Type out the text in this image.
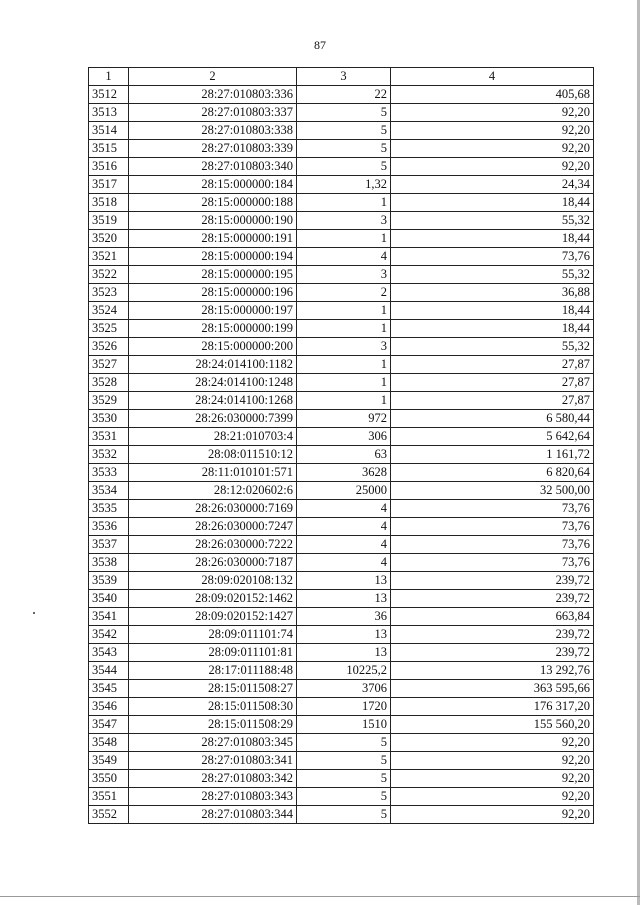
87
1	2	3	4
3512	28:27:010803:336	22	405,68
3513	28:27:010803:337	5	92,20
3514	28:27:010803:338	5	92,20
3515	28:27:010803:339	5	92,20
3516	28:27:010803:340	5	92,20
3517	28:15:000000:184	1,32	24,34
3518	28:15:000000:188	1	18,44
3519	28:15:000000:190	3	55,32
3520	28:15:000000:191	1	18,44
3521	28:15:000000:194	4	73,76
3522	28:15:000000:195	3	55,32
3523	28:15:000000:196	2	36,88
3524	28:15:000000:197	1	18,44
3525	28:15:000000:199	1	18,44
3526	28:15:000000:200	3	55,32
3527	28:24:014100:1182	1	27,87
3528	28:24:014100:1248	1	27,87
3529	28:24:014100:1268	1	27,87
3530	28:26:030000:7399	972	6 580,44
3531	28:21:010703:4	306	5 642,64
3532	28:08:011510:12	63	1 161,72
3533	28:11:010101:571	3628	6 820,64
3534	28:12:020602:6	25000	32 500,00
3535	28:26:030000:7169	4	73,76
3536	28:26:030000:7247	4	73,76
3537	28:26:030000:7222	4	73,76
3538	28:26:030000:7187	4	73,76
3539	28:09:020108:132	13	239,72
3540	28:09:020152:1462	13	239,72
3541	28:09:020152:1427	36	663,84
3542	28:09:011101:74	13	239,72
3543	28:09:011101:81	13	239,72
3544	28:17:011188:48	10225,2	13 292,76
3545	28:15:011508:27	3706	363 595,66
3546	28:15:011508:30	1720	176 317,20
3547	28:15:011508:29	1510	155 560,20
3548	28:27:010803:345	5	92,20
3549	28:27:010803:341	5	92,20
3550	28:27:010803:342	5	92,20
3551	28:27:010803:343	5	92,20
3552	28:27:010803:344	5	92,20
